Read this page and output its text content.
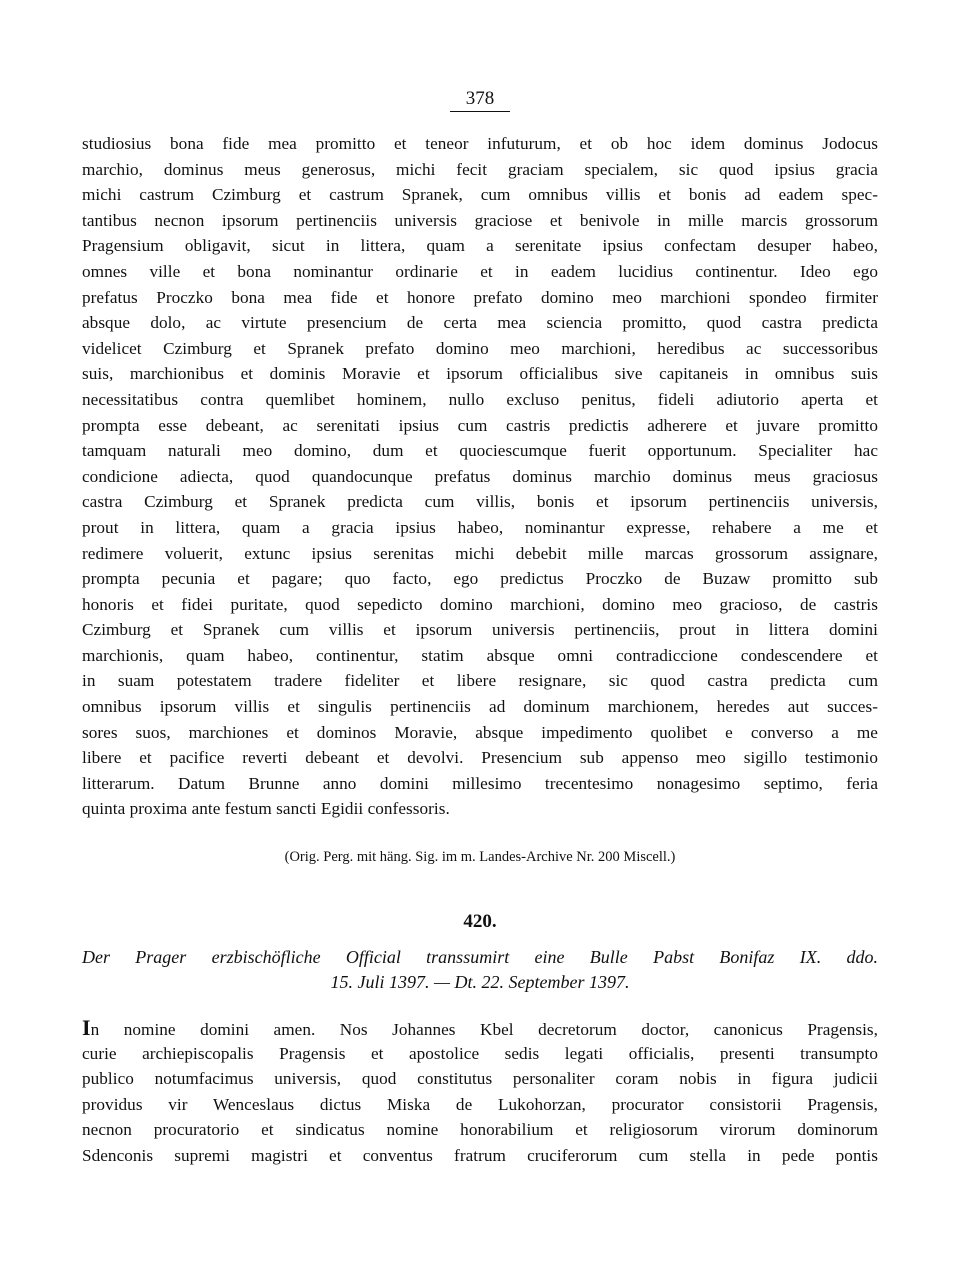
378
studiosius bona fide mea promitto et teneor infuturum, et ob hoc idem dominus Jodocus
marchio, dominus meus generosus, michi fecit graciam specialem, sic quod ipsius gracia
michi castrum Czimburg et castrum Spranek, cum omnibus villis et bonis ad eadem spec-
tantibus necnon ipsorum pertinenciis universis graciose et benivole in mille marcis grossorum
Pragensium obligavit, sicut in littera, quam a serenitate ipsius confectam desuper habeo,
omnes ville et bona nominantur ordinarie et in eadem lucidius continentur. Ideo ego
prefatus Proczko bona mea fide et honore prefato domino meo marchioni spondeo firmiter
absque dolo, ac virtute presencium de certa mea sciencia promitto, quod castra predicta
videlicet Czimburg et Spranek prefato domino meo marchioni, heredibus ac successoribus
suis, marchionibus et dominis Moravie et ipsorum officialibus sive capitaneis in omnibus suis
necessitatibus contra quemlibet hominem, nullo excluso penitus, fideli adiutorio aperta et
prompta esse debeant, ac serenitati ipsius cum castris predictis adherere et juvare promitto
tamquam naturali meo domino, dum et quociescumque fuerit opportunum. Specialiter hac
condicione adiecta, quod quandocunque prefatus dominus marchio dominus meus graciosus
castra Czimburg et Spranek predicta cum villis, bonis et ipsorum pertinenciis universis,
prout in littera, quam a gracia ipsius habeo, nominantur expresse, rehabere a me et
redimere voluerit, extunc ipsius serenitas michi debebit mille marcas grossorum assignare,
prompta pecunia et pagare; quo facto, ego predictus Proczko de Buzaw promitto sub
honoris et fidei puritate, quod sepedicto domino marchioni, domino meo gracioso, de castris
Czimburg et Spranek cum villis et ipsorum universis pertinenciis, prout in littera domini
marchionis, quam habeo, continentur, statim absque omni contradiccione condescendere et
in suam potestatem tradere fideliter et libere resignare, sic quod castra predicta cum
omnibus ipsorum villis et singulis pertinenciis ad dominum marchionem, heredes aut succes-
sores suos, marchiones et dominos Moravie, absque impedimento quolibet e converso a me
libere et pacifice reverti debeant et devolvi. Presencium sub appenso meo sigillo testimonio
litterarum. Datum Brunne anno domini millesimo trecentesimo nonagesimo septimo, feria
quinta proxima ante festum sancti Egidii confessoris.
(Orig. Perg. mit häng. Sig. im m. Landes-Archive Nr. 200 Miscell.)
420.
Der Prager erzbischöfliche Official transsumirt eine Bulle Pabst Bonifaz IX. ddo.
15. Juli 1397. — Dt. 22. September 1397.
In nomine domini amen. Nos Johannes Kbel decretorum doctor, canonicus Pragensis,
curie archiepiscopalis Pragensis et apostolice sedis legati officialis, presenti transumpto
publico notumfacimus universis, quod constitutus personaliter coram nobis in figura judicii
providus vir Wenceslaus dictus Miska de Lukohorzan, procurator consistorii Pragensis,
necnon procuratorio et sindicatus nomine honorabilium et religiosorum virorum dominorum
Sdenconis supremi magistri et conventus fratrum cruciferorum cum stella in pede pontis
